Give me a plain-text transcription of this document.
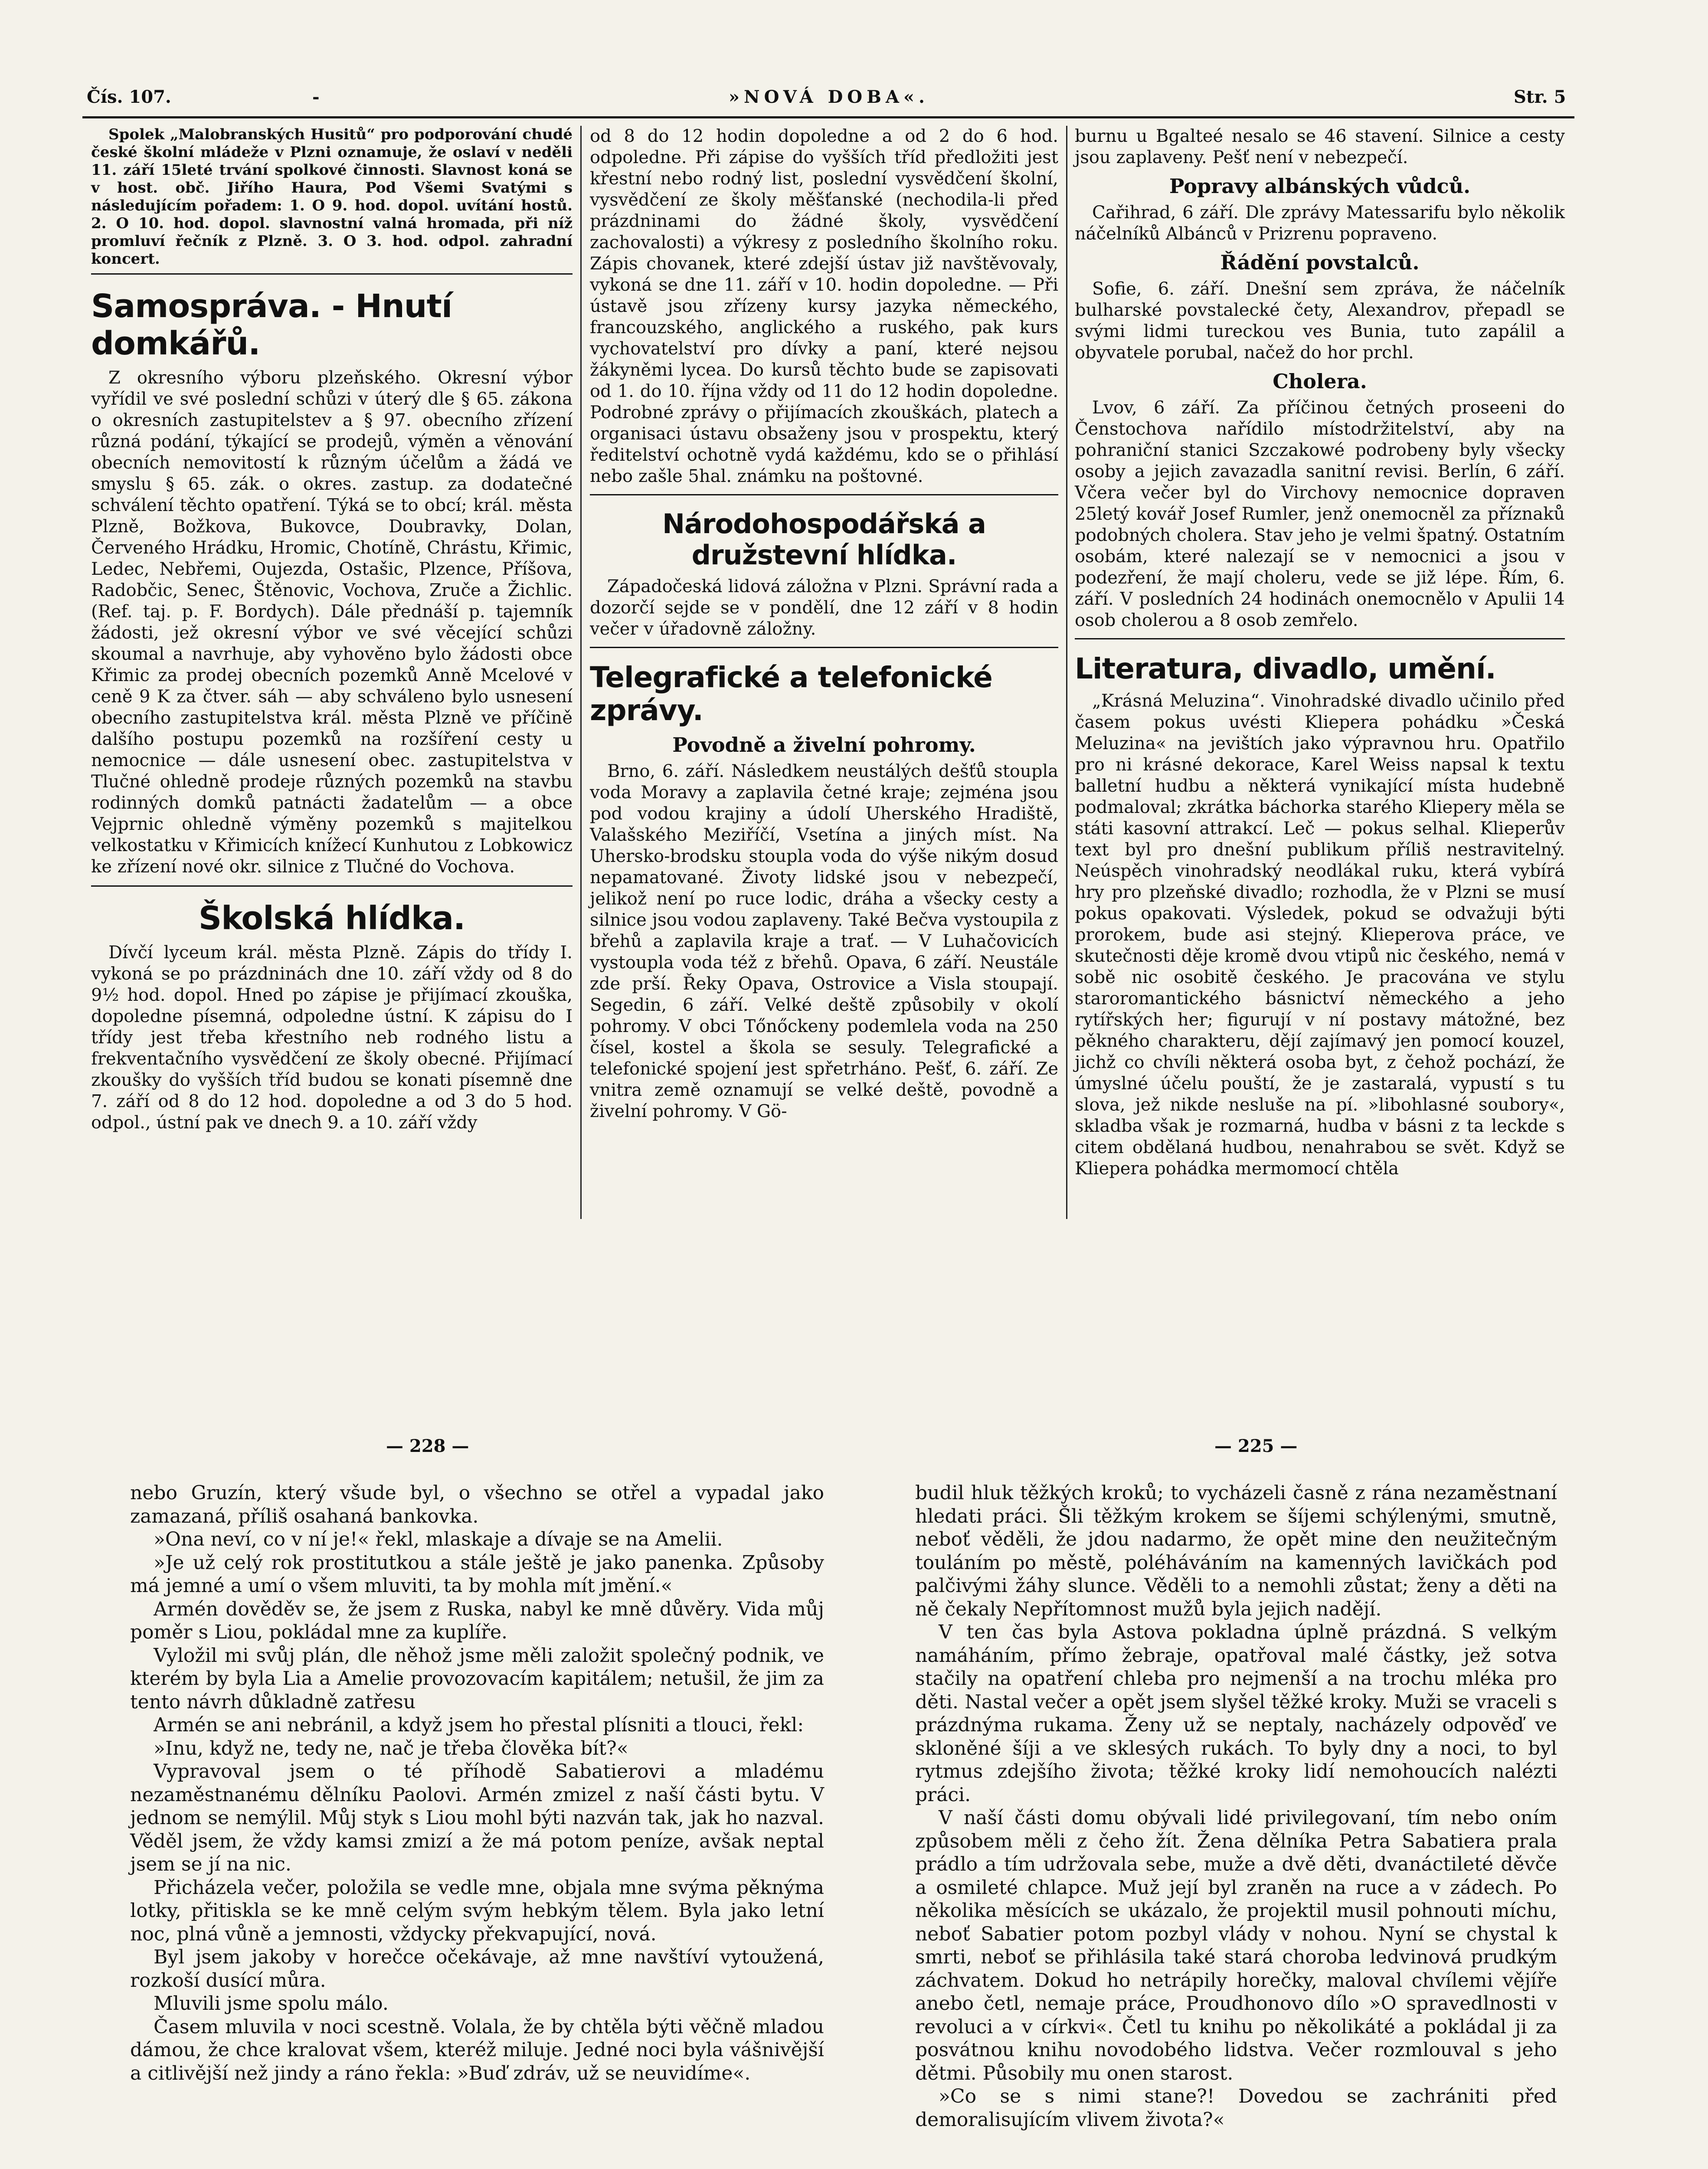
Čís. 107.	-	»NOVÁ DOBA«.	Str. 5

Spolek „Malobranských Husitů“ pro podporování chudé české školní mládeže v Plzni oznamuje, že oslaví v neděli 11. září 15leté trvání spolkové činnosti. Slavnost koná se v host. obč. Jiřího Haura, Pod Všemi Svatými s následujícím pořadem: 1. O 9. hod. dopol. uvítání hostů. 2. O 10. hod. dopol. slavnostní valná hromada, při níž promluví řečník z Plzně. 3. O 3. hod. odpol. zahradní koncert.

Samospráva. - Hnutí domkářů.

Z okresního výboru plzeňského. Okresní výbor vyřídil ve své poslední schůzi v úterý dle § 65. zákona o okresních zastupitelstev a § 97. obecního zřízení různá podání, týkající se prodejů, výměn a věnování obecních nemovitostí k různým účelům a žádá ve smyslu § 65. zák. o okres. zastup. za dodatečné schválení těchto opatření. Týká se to obcí; král. města Plzně, Božkova, Bukovce, Doubravky, Dolan, Červeného Hrádku, Hromic, Chotíně, Chrástu, Křimic, Ledec, Nebřemi, Oujezda, Ostašic, Plzence, Příšova, Radobčic, Senec, Štěnovic, Vochova, Zruče a Žichlic. (Ref. taj. p. F. Bordych). Dále přednáší p. tajemník žádosti, jež okresní výbor ve své věcející schůzi skoumal a navrhuje, aby vyhověno bylo žádosti obce Křimic za prodej obecních pozemků Anně Mcelové v ceně 9 K za čtver. sáh — aby schváleno bylo usnesení obecního zastupitelstva král. města Plzně ve příčině dalšího postupu pozemků na rozšíření cesty u nemocnice — dále usnesení obec. zastupitelstva v Tlučné ohledně prodeje různých pozemků na stavbu rodinných domků patnácti žadatelům — a obce Vejprnic ohledně výměny pozemků s majitelkou velkostatku v Křimicích knížecí Kunhutou z Lobkowicz ke zřízení nové okr. silnice z Tlučné do Vochova.

Školská hlídka.

Dívčí lyceum král. města Plzně. Zápis do třídy I. vykoná se po prázdninách dne 10. září vždy od 8 do 9½ hod. dopol. Hned po zápise je přijímací zkouška, dopoledne písemná, odpoledne ústní. K zápisu do I třídy jest třeba křestního neb rodného listu a frekventačního vysvědčení ze školy obecné. Přijímací zkoušky do vyšších tříd budou se konati písemně dne 7. září od 8 do 12 hod. dopoledne a od 3 do 5 hod. odpol., ústní pak ve dnech 9. a 10. září vždy

od 8 do 12 hodin dopoledne a od 2 do 6 hod. odpoledne. Při zápise do vyšších tříd předložiti jest křestní nebo rodný list, poslední vysvědčení školní, vysvědčení ze školy měšťanské (nechodila-li před prázdninami do žádné školy, vysvědčení zachovalosti) a výkresy z posledního školního roku. Zápis chovanek, které zdejší ústav již navštěvovaly, vykoná se dne 11. září v 10. hodin dopoledne. — Při ústavě jsou zřízeny kursy jazyka německého, francouzského, anglického a ruského, pak kurs vychovatelství pro dívky a paní, které nejsou žákyněmi lycea. Do kursů těchto bude se zapisovati od 1. do 10. října vždy od 11 do 12 hodin dopoledne. Podrobné zprávy o přijímacích zkouškách, platech a organisaci ústavu obsaženy jsou v prospektu, který ředitelství ochotně vydá každému, kdo se o přihlásí nebo zašle 5hal. známku na poštovné.

Národohospodářská a družstevní hlídka.

Západočeská lidová záložna v Plzni. Správní rada a dozorčí sejde se v pondělí, dne 12 září v 8 hodin večer v úřadovně záložny.

Telegrafické a telefonické zprávy.
Povodně a živelní pohromy.

Brno, 6. září. Následkem neustálých dešťů stoupla voda Moravy a zaplavila četné kraje; zejména jsou pod vodou krajiny a údolí Uherského Hradiště, Valašského Meziříčí, Vsetína a jiných míst. Na Uhersko-brodsku stoupla voda do výše nikým dosud nepamatované. Životy lidské jsou v nebezpečí, jelikož není po ruce lodic, dráha a všecky cesty a silnice jsou vodou zaplaveny. Také Bečva vystoupila z břehů a zaplavila kraje a trať. — V Luhačovicích vystoupla voda též z břehů. Opava, 6 září. Neustále zde prší. Řeky Opava, Ostrovice a Visla stoupají. Segedin, 6 září. Velké deště způsobily v okolí pohromy. V obci Tőnőckeny podemlela voda na 250 čísel, kostel a škola se sesuly. Telegrafické a telefonické spojení jest spřetrháno. Pešť, 6. září. Ze vnitra země oznamují se velké deště, povodně a živelní pohromy. V Gö-

burnu u Bgalteé nesalo se 46 stavení. Silnice a cesty jsou zaplaveny. Pešť není v nebezpečí.

Popravy albánských vůdců.

Cařihrad, 6 září. Dle zprávy Matessarifu bylo několik náčelníků Albánců v Prizrenu popraveno.

Řádění povstalců.

Sofie, 6. září. Dnešní sem zpráva, že náčelník bulharské povstalecké čety, Alexandrov, přepadl se svými lidmi tureckou ves Bunia, tuto zapálil a obyvatele porubal, načež do hor prchl.

Cholera.

Lvov, 6 září. Za příčinou četných proseeni do Čenstochova nařídilo místodržitelství, aby na pohraniční stanici Szczakowé podrobeny byly všecky osoby a jejich zavazadla sanitní revisi. Berlín, 6 září. Včera večer byl do Virchovy nemocnice dopraven 25letý kovář Josef Rumler, jenž onemocněl za příznaků podobných cholera. Stav jeho je velmi špatný. Ostatním osobám, které nalezají se v nemocnici a jsou v podezření, že mají choleru, vede se již lépe. Řím, 6. září. V posledních 24 hodinách onemocnělo v Apulii 14 osob cholerou a 8 osob zemřelo.

Literatura, divadlo, umění.

„Krásná Meluzina“. Vinohradské divadlo učinilo před časem pokus uvésti Kliepera pohádku »Česká Meluzina« na jevištích jako výpravnou hru. Opatřilo pro ni krásné dekorace, Karel Weiss napsal k textu balletní hudbu a některá vynikající místa hudebně podmaloval; zkrátka báchorka starého Kliepery měla se státi kasovní attrakcí. Leč — pokus selhal. Klieperův text byl pro dnešní publikum příliš nestravitelný. Neúspěch vinohradský neodlákal ruku, která vybírá hry pro plzeňské divadlo; rozhodla, že v Plzni se musí pokus opakovati. Výsledek, pokud se odvažuji býti prorokem, bude asi stejný. Klieperova práce, ve skutečnosti děje kromě dvou vtipů nic českého, nemá v sobě nic osobitě českého. Je pracována ve stylu staroromantického básnictví německého a jeho rytířských her; figurují v ní postavy mátožné, bez pěkného charakteru, dějí zajímavý jen pomocí kouzel, jichž co chvíli některá osoba byt, z čehož pochází, že úmyslné účelu pouští, že je zastaralá, vypustí s tu slova, jež nikde nesluše na pí. »libohlasné soubory«, skladba však je rozmarná, hudba v básni z ta leckde s citem obdělaná hudbou, nenahrabou se svět. Když se Kliepera pohádka mermomocí chtěla

— 228 —	— 225 —

nebo Gruzín, který všude byl, o všechno se otřel a vypadal jako zamazaná, příliš osahaná bankovka.

»Ona neví, co v ní je!« řekl, mlaskaje a dívaje se na Amelii.

»Je už celý rok prostitutkou a stále ještě je jako panenka. Způsoby má jemné a umí o všem mluviti, ta by mohla mít jmění.«

Armén dověděv se, že jsem z Ruska, nabyl ke mně důvěry. Vida můj poměr s Liou, pokládal mne za kuplíře.

Vyložil mi svůj plán, dle něhož jsme měli založit společný podnik, ve kterém by byla Lia a Amelie provozovacím kapitálem; netušil, že jim za tento návrh důkladně zatřesu

Armén se ani nebránil, a když jsem ho přestal plísniti a tlouci, řekl:

»Inu, když ne, tedy ne, nač je třeba člověka bít?«

Vypravoval jsem o té příhodě Sabatierovi a mladému nezaměstnanému dělníku Paolovi. Armén zmizel z naší části bytu. V jednom se nemýlil. Můj styk s Liou mohl býti nazván tak, jak ho nazval. Věděl jsem, že vždy kamsi zmizí a že má potom peníze, avšak neptal jsem se jí na nic.

Přicházela večer, položila se vedle mne, objala mne svýma pěknýma lotky, přitiskla se ke mně celým svým hebkým tělem. Byla jako letní noc, plná vůně a jemnosti, vždycky překvapující, nová.

Byl jsem jakoby v horečce očekávaje, až mne navštíví vytoužená, rozkoší dusící můra.

Mluvili jsme spolu málo.

Časem mluvila v noci scestně. Volala, že by chtěla býti věčně mladou dámou, že chce kralovat všem, kteréž miluje. Jedné noci byla vášnivější a citlivější než jindy a ráno řekla: »Buď zdráv, už se neuvidíme«.

budil hluk těžkých kroků; to vycházeli časně z rána nezaměstnaní hledati práci. Šli těžkým krokem se šíjemi schýlenými, smutně, neboť věděli, že jdou nadarmo, že opět mine den neužitečným touláním po městě, poléháváním na kamenných lavičkách pod palčivými žáhy slunce. Věděli to a nemohli zůstat; ženy a děti na ně čekaly Nepřítomnost mužů byla jejich nadějí.

V ten čas byla Astova pokladna úplně prázdná. S velkým namáháním, přímo žebraje, opatřoval malé částky, jež sotva stačily na opatření chleba pro nejmenší a na trochu mléka pro děti. Nastal večer a opět jsem slyšel těžké kroky. Muži se vraceli s prázdnýma rukama. Ženy už se neptaly, nacházely odpověď ve skloněné šíji a ve sklesých rukách. To byly dny a noci, to byl rytmus zdejšího života; těžké kroky lidí nemohoucích nalézti práci.

V naší části domu obývali lidé privilegovaní, tím nebo oním způsobem měli z čeho žít. Žena dělníka Petra Sabatiera prala prádlo a tím udržovala sebe, muže a dvě děti, dvanáctileté děvče a osmileté chlapce. Muž její byl zraněn na ruce a v zádech. Po několika měsících se ukázalo, že projektil musil pohnouti míchu, neboť Sabatier potom pozbyl vlády v nohou. Nyní se chystal k smrti, neboť se přihlásila také stará choroba ledvinová prudkým záchvatem. Dokud ho netrápily horečky, maloval chvílemi vějíře anebo četl, nemaje práce, Proudhonovo dílo »O spravedlnosti v revoluci a v církvi«. Četl tu knihu po několikáté a pokládal ji za posvátnou knihu novodobého lidstva. Večer rozmlouval s jeho dětmi. Působily mu onen starost.

»Co se s nimi stane?! Dovedou se zachrániti před demoralisujícím vlivem života?«
